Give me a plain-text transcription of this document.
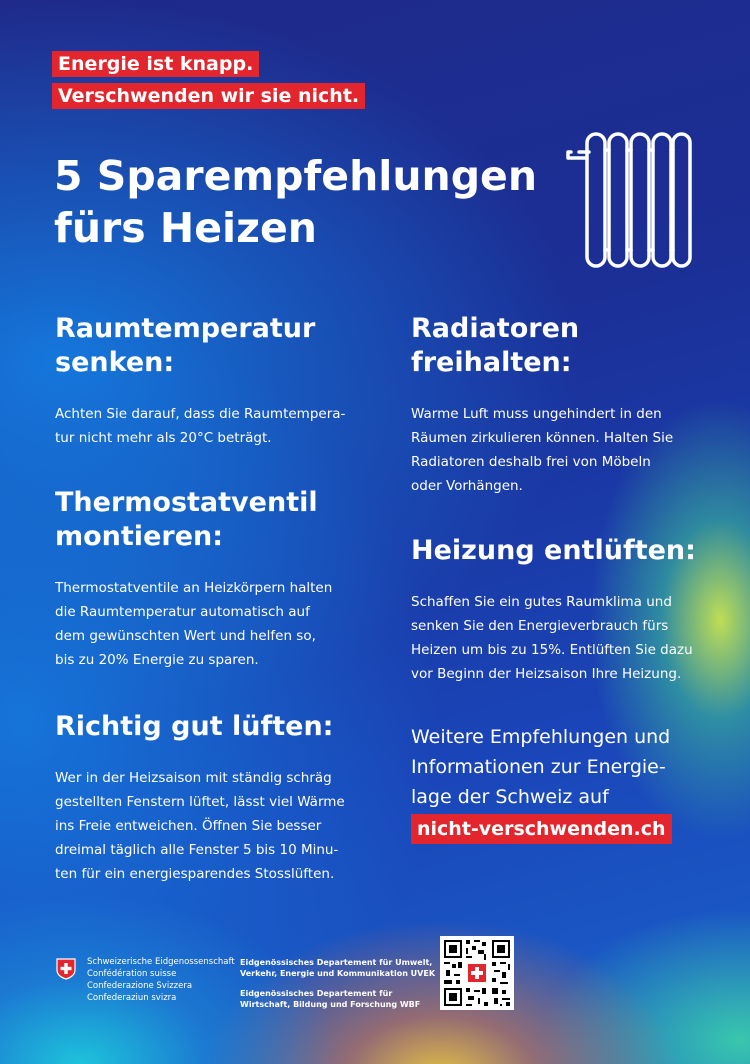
Energie ist knapp.
Verschwenden wir sie nicht.
5 Sparempfehlungen
fürs Heizen
Raumtemperatur
senken:

Achten Sie darauf, dass die Raumtempera-
tur nicht mehr als 20°C beträgt.

Thermostatventil
montieren:

Thermostatventile an Heizkörpern halten
die Raumtemperatur automatisch auf
dem gewünschten Wert und helfen so,
bis zu 20% Energie zu sparen.

Richtig gut lüften:

Wer in der Heizsaison mit ständig schräg
gestellten Fenstern lüftet, lässt viel Wärme
ins Freie entweichen. Öffnen Sie besser
dreimal täglich alle Fenster 5 bis 10 Minu-
ten für ein energiesparendes Stosslüften.

Radiatoren
freihalten:

Warme Luft muss ungehindert in den
Räumen zirkulieren können. Halten Sie
Radiatoren deshalb frei von Möbeln
oder Vorhängen.

Heizung entlüften:

Schaffen Sie ein gutes Raumklima und
senken Sie den Energieverbrauch fürs
Heizen um bis zu 15%. Entlüften Sie dazu
vor Beginn der Heizsaison Ihre Heizung.

Weitere Empfehlungen und
Informationen zur Energie-
lage der Schweiz auf
nicht-verschwenden.ch
Schweizerische Eidgenossenschaft
Confédération suisse
Confederazione Svizzera
Confederaziun svizra
Eidgenössisches Departement für Umwelt,
Verkehr, Energie und Kommunikation UVEK
Eidgenössisches Departement für
Wirtschaft, Bildung und Forschung WBF
